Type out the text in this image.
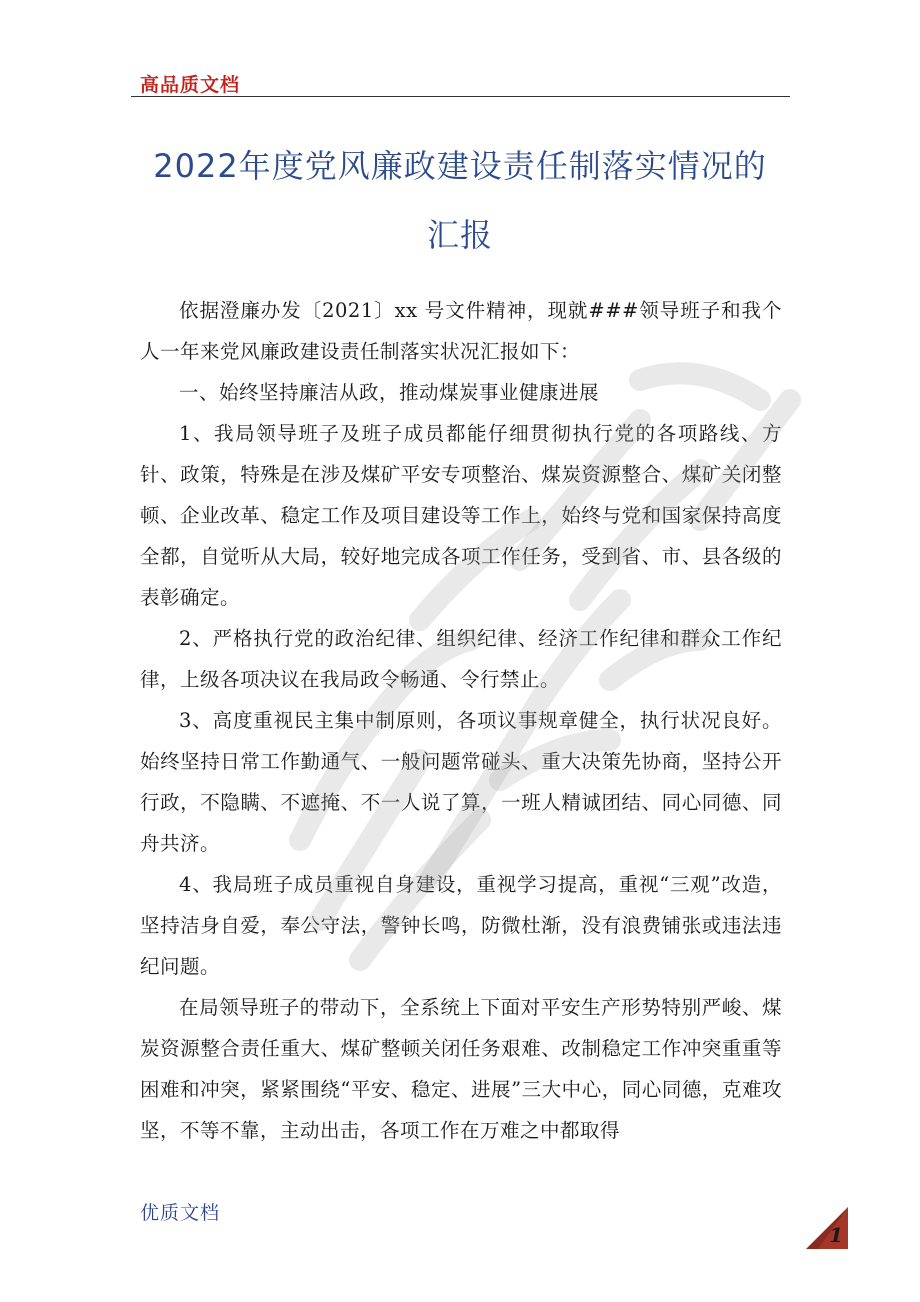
高品质文档
2022年度党风廉政建设责任制落实情况的
汇报

依据澄廉办发〔2021〕xx 号文件精神，现就###领导班子和我个人一年来党风廉政建设责任制落实状况汇报如下：

一、始终坚持廉洁从政，推动煤炭事业健康进展

1、我局领导班子及班子成员都能仔细贯彻执行党的各项路线、方针、政策，特殊是在涉及煤矿平安专项整治、煤炭资源整合、煤矿关闭整顿、企业改革、稳定工作及项目建设等工作上，始终与党和国家保持高度全都，自觉听从大局，较好地完成各项工作任务，受到省、市、县各级的表彰确定。

2、严格执行党的政治纪律、组织纪律、经济工作纪律和群众工作纪律，上级各项决议在我局政令畅通、令行禁止。

3、高度重视民主集中制原则，各项议事规章健全，执行状况良好。始终坚持日常工作勤通气、一般问题常碰头、重大决策先协商，坚持公开行政，不隐瞒、不遮掩、不一人说了算，一班人精诚团结、同心同德、同舟共济。

4、我局班子成员重视自身建设，重视学习提高，重视“三观”改造，坚持洁身自爱，奉公守法，警钟长鸣，防微杜渐，没有浪费铺张或违法违纪问题。

在局领导班子的带动下，全系统上下面对平安生产形势特别严峻、煤炭资源整合责任重大、煤矿整顿关闭任务艰难、改制稳定工作冲突重重等困难和冲突，紧紧围绕“平安、稳定、进展”三大中心，同心同德，克难攻坚，不等不靠，主动出击，各项工作在万难之中都取得

优质文档
1
